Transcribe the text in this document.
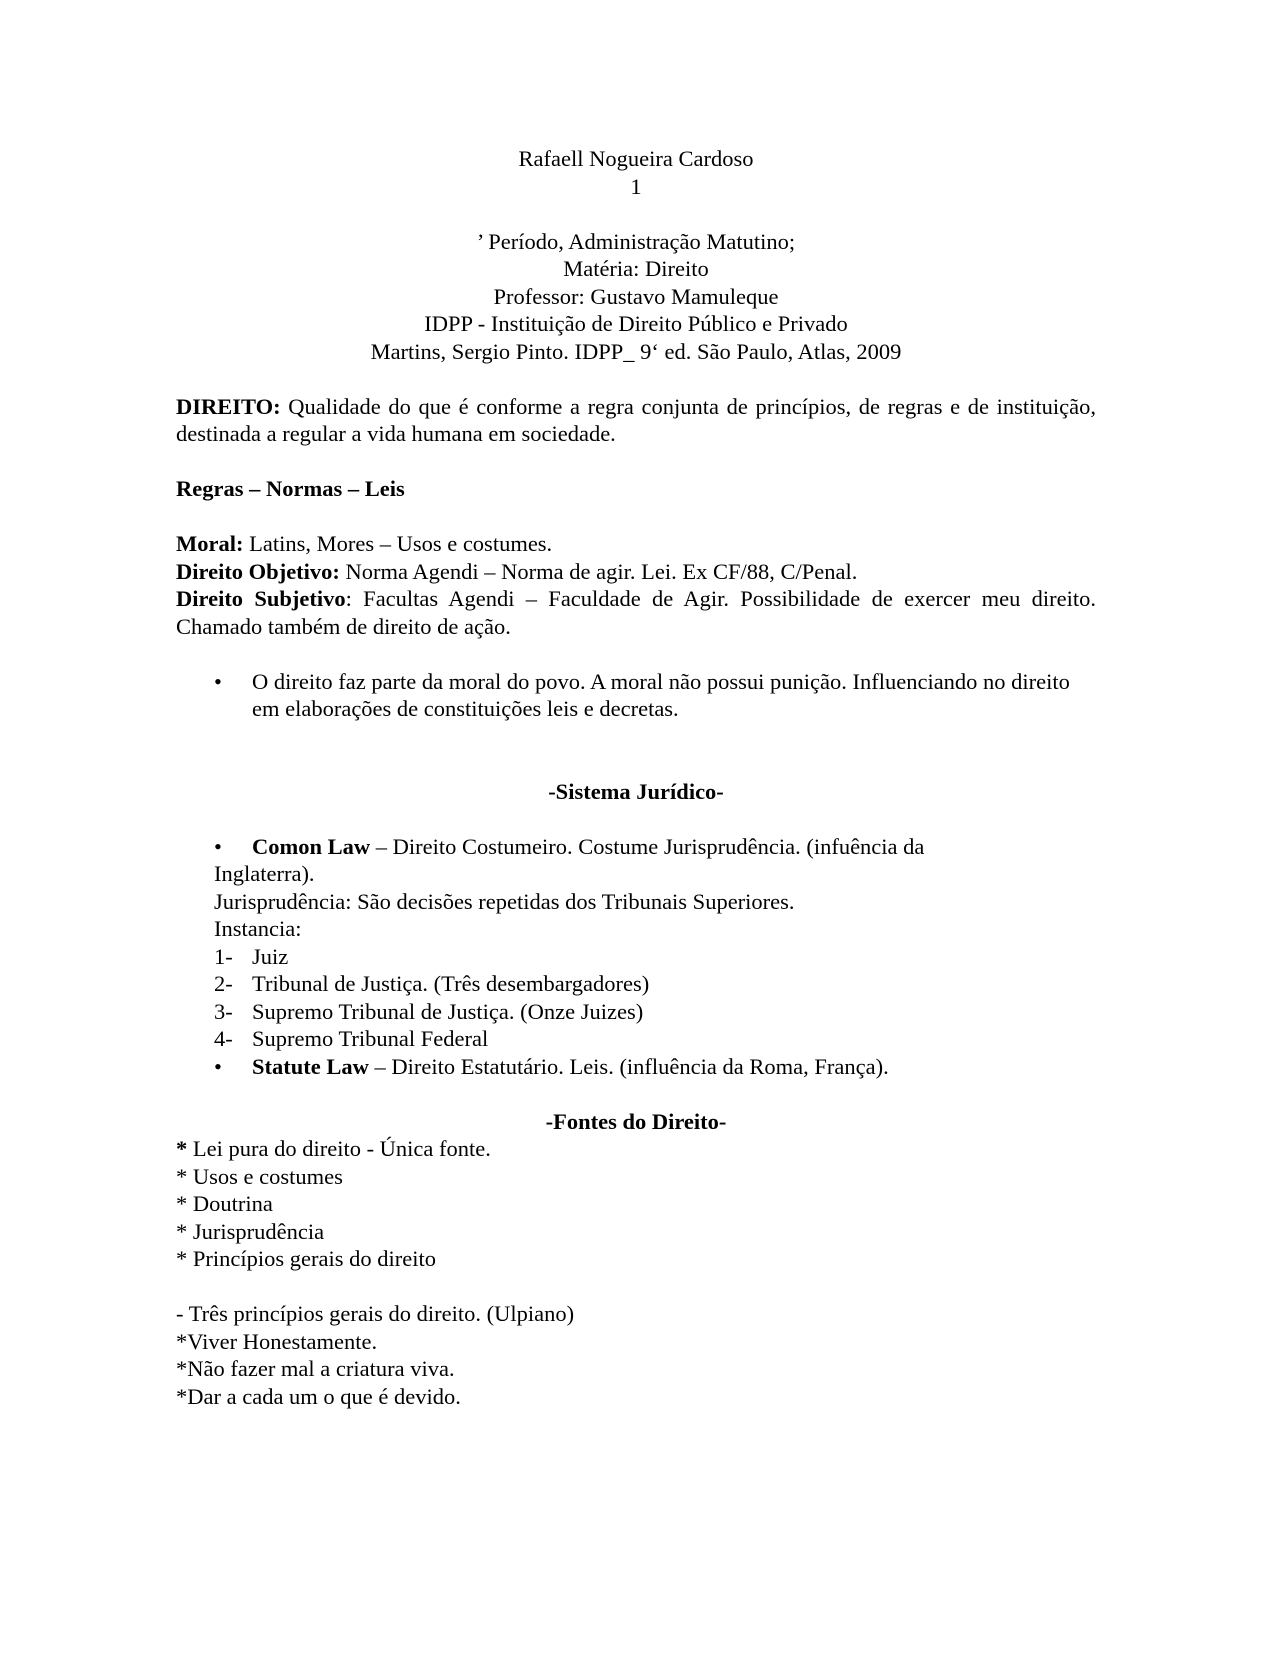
Rafaell Nogueira Cardoso

1

’ Período, Administração Matutino;

Matéria: Direito

Professor: Gustavo Mamuleque

IDPP - Instituição de Direito Público e Privado

Martins, Sergio Pinto. IDPP_ 9‘ ed. São Paulo, Atlas, 2009

DIREITO: Qualidade do que é conforme a regra conjunta de princípios, de regras e de instituição, destinada a regular a vida humana em sociedade.

Regras – Normas – Leis

Moral: Latins, Mores – Usos e costumes.

Direito Objetivo: Norma Agendi – Norma de agir. Lei. Ex CF/88, C/Penal.

Direito Subjetivo: Facultas Agendi – Faculdade de Agir. Possibilidade de exercer meu direito. Chamado também de direito de ação.

• O direito faz parte da moral do povo. A moral não possui punição. Influenciando no direito em elaborações de constituições leis e decretas.

-Sistema Jurídico-

• Comon Law – Direito Costumeiro. Costume Jurisprudência. (infuência da

Inglaterra).

Jurisprudência: São decisões repetidas dos Tribunais Superiores.

Instancia:

1- Juiz

2- Tribunal de Justiça. (Três desembargadores)

3- Supremo Tribunal de Justiça. (Onze Juizes)

4- Supremo Tribunal Federal

• Statute Law – Direito Estatutário. Leis. (influência da Roma, França).

-Fontes do Direito-

* Lei pura do direito - Única fonte.

* Usos e costumes

* Doutrina

* Jurisprudência

* Princípios gerais do direito

- Três princípios gerais do direito. (Ulpiano)

*Viver Honestamente.

*Não fazer mal a criatura viva.

*Dar a cada um o que é devido.
